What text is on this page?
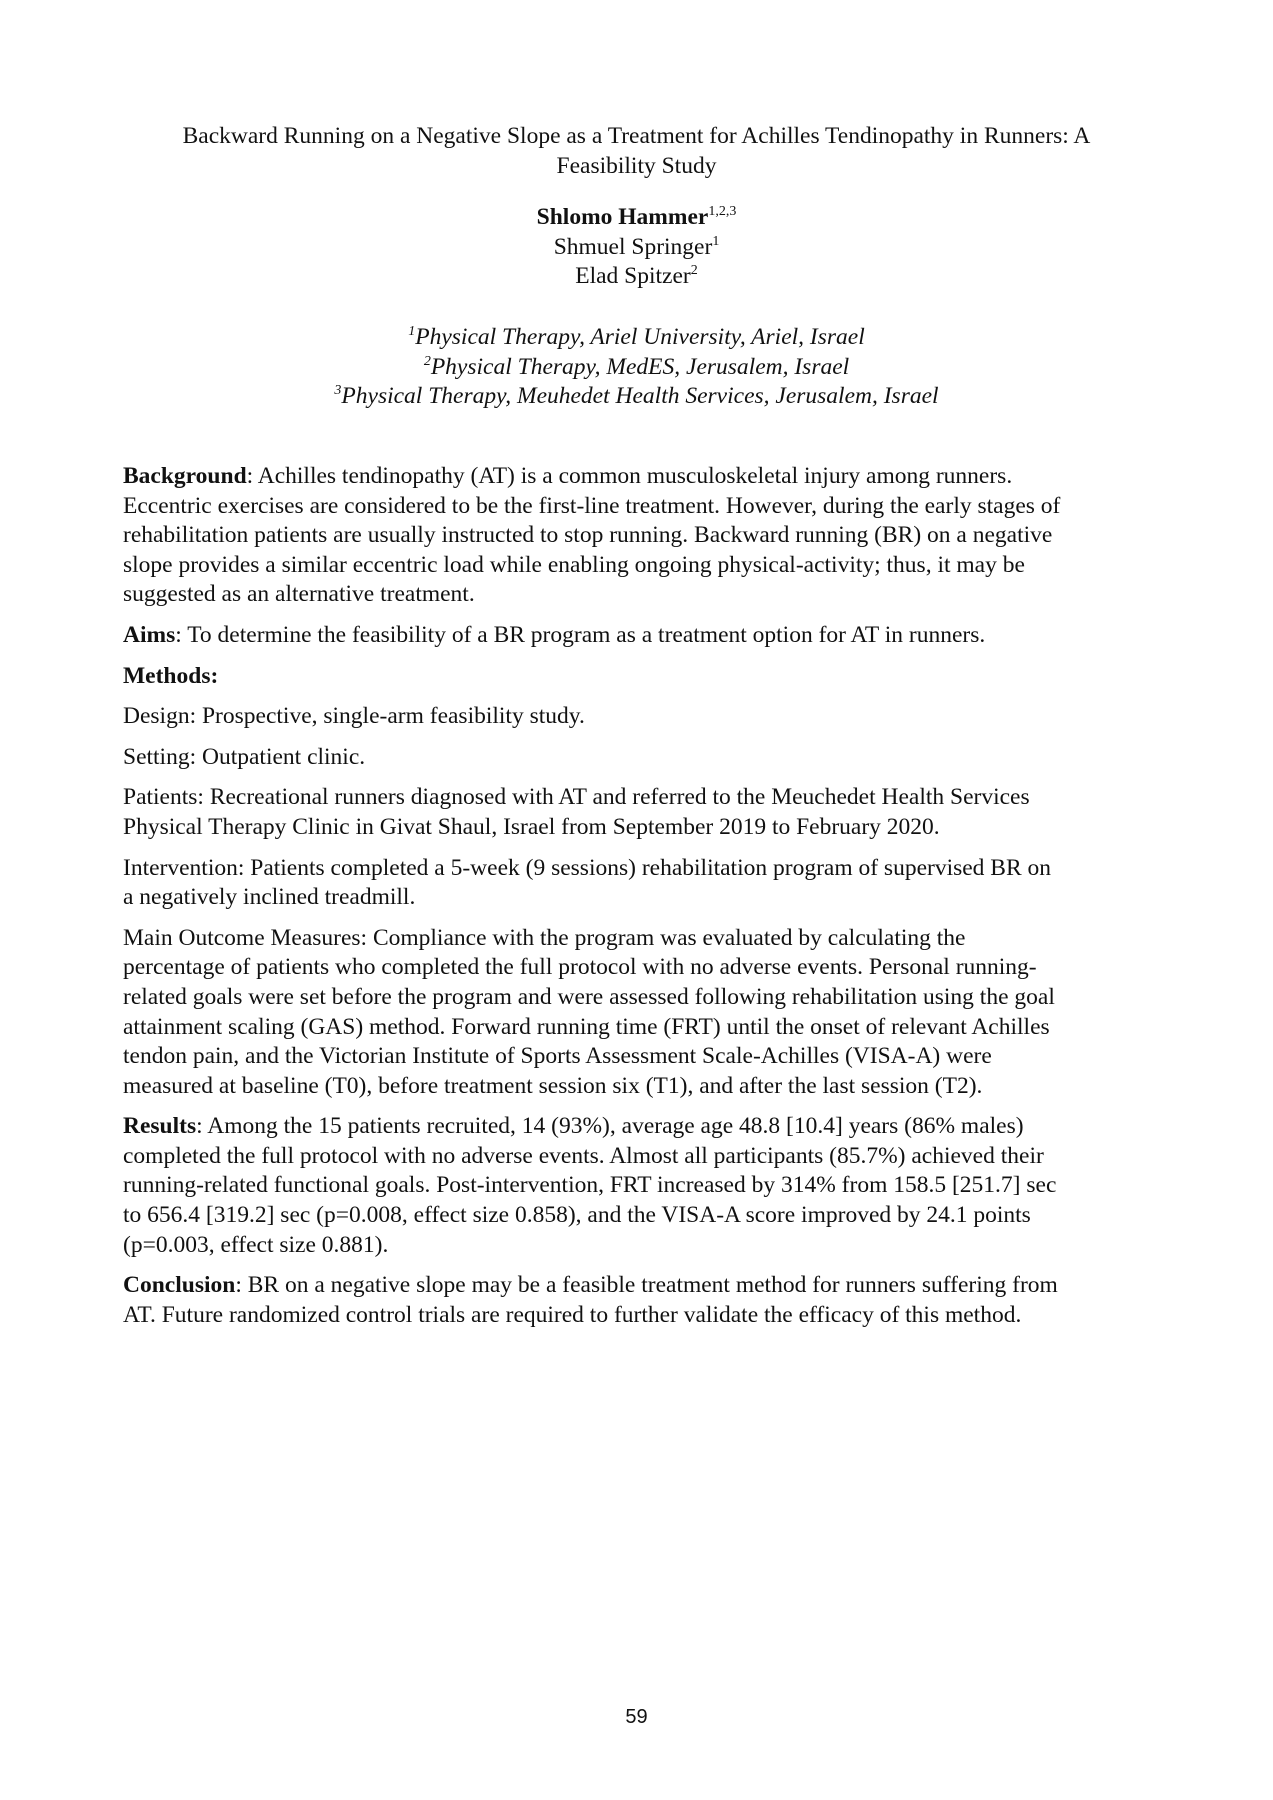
Backward Running on a Negative Slope as a Treatment for Achilles Tendinopathy in Runners: A
Feasibility Study
Shlomo Hammer$^{1,2,3}$
Shmuel Springer$^1$
Elad Spitzer$^2$
$^1$Physical Therapy, Ariel University, Ariel, Israel
$^2$Physical Therapy, MedES, Jerusalem, Israel
$^3$Physical Therapy, Meuhedet Health Services, Jerusalem, Israel
Background: Achilles tendinopathy (AT) is a common musculoskeletal injury among runners.
Eccentric exercises are considered to be the first-line treatment. However, during the early stages of
rehabilitation patients are usually instructed to stop running. Backward running (BR) on a negative
slope provides a similar eccentric load while enabling ongoing physical-activity; thus, it may be
suggested as an alternative treatment.
Aims: To determine the feasibility of a BR program as a treatment option for AT in runners.
Methods:
Design: Prospective, single-arm feasibility study.
Setting: Outpatient clinic.
Patients: Recreational runners diagnosed with AT and referred to the Meuchedet Health Services
Physical Therapy Clinic in Givat Shaul, Israel from September 2019 to February 2020.
Intervention: Patients completed a 5-week (9 sessions) rehabilitation program of supervised BR on
a negatively inclined treadmill.
Main Outcome Measures: Compliance with the program was evaluated by calculating the
percentage of patients who completed the full protocol with no adverse events. Personal running-
related goals were set before the program and were assessed following rehabilitation using the goal
attainment scaling (GAS) method. Forward running time (FRT) until the onset of relevant Achilles
tendon pain, and the Victorian Institute of Sports Assessment Scale-Achilles (VISA-A) were
measured at baseline (T0), before treatment session six (T1), and after the last session (T2).
Results: Among the 15 patients recruited, 14 (93%), average age 48.8 [10.4] years (86% males)
completed the full protocol with no adverse events. Almost all participants (85.7%) achieved their
running-related functional goals. Post-intervention, FRT increased by 314% from 158.5 [251.7] sec
to 656.4 [319.2] sec (p=0.008, effect size 0.858), and the VISA-A score improved by 24.1 points
(p=0.003, effect size 0.881).
Conclusion: BR on a negative slope may be a feasible treatment method for runners suffering from
AT. Future randomized control trials are required to further validate the efficacy of this method.
59
